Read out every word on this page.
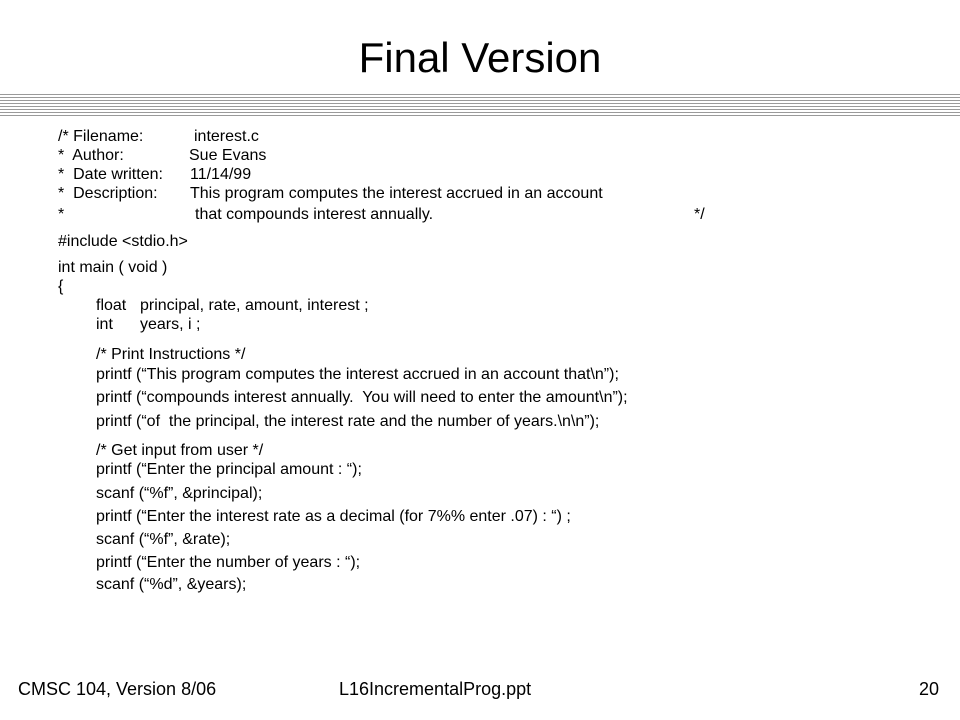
Final Version
/* Filename:	interest.c
*  Author:	Sue Evans
*  Date written: 11/14/99
*  Description: This program computes the interest accrued in an account
*	that compounds interest annually.	*/
#include <stdio.h>
int main ( void )
{
float principal, rate, amount, interest ;
int years, i ;
/* Print Instructions */
printf (“This program computes the interest accrued in an account that\n”);
printf (“compounds interest annually.  You will need to enter the amount\n”);
printf (“of  the principal, the interest rate and the number of years.\n\n”);
/* Get input from user */
printf (“Enter the principal amount : “);
scanf (“%f”, &principal);
printf (“Enter the interest rate as a decimal (for 7%% enter .07) : “) ;
scanf (“%f”, &rate);
printf (“Enter the number of years : “);
scanf (“%d”, &years);
CMSC 104, Version 8/06	L16IncrementalProg.ppt	20
